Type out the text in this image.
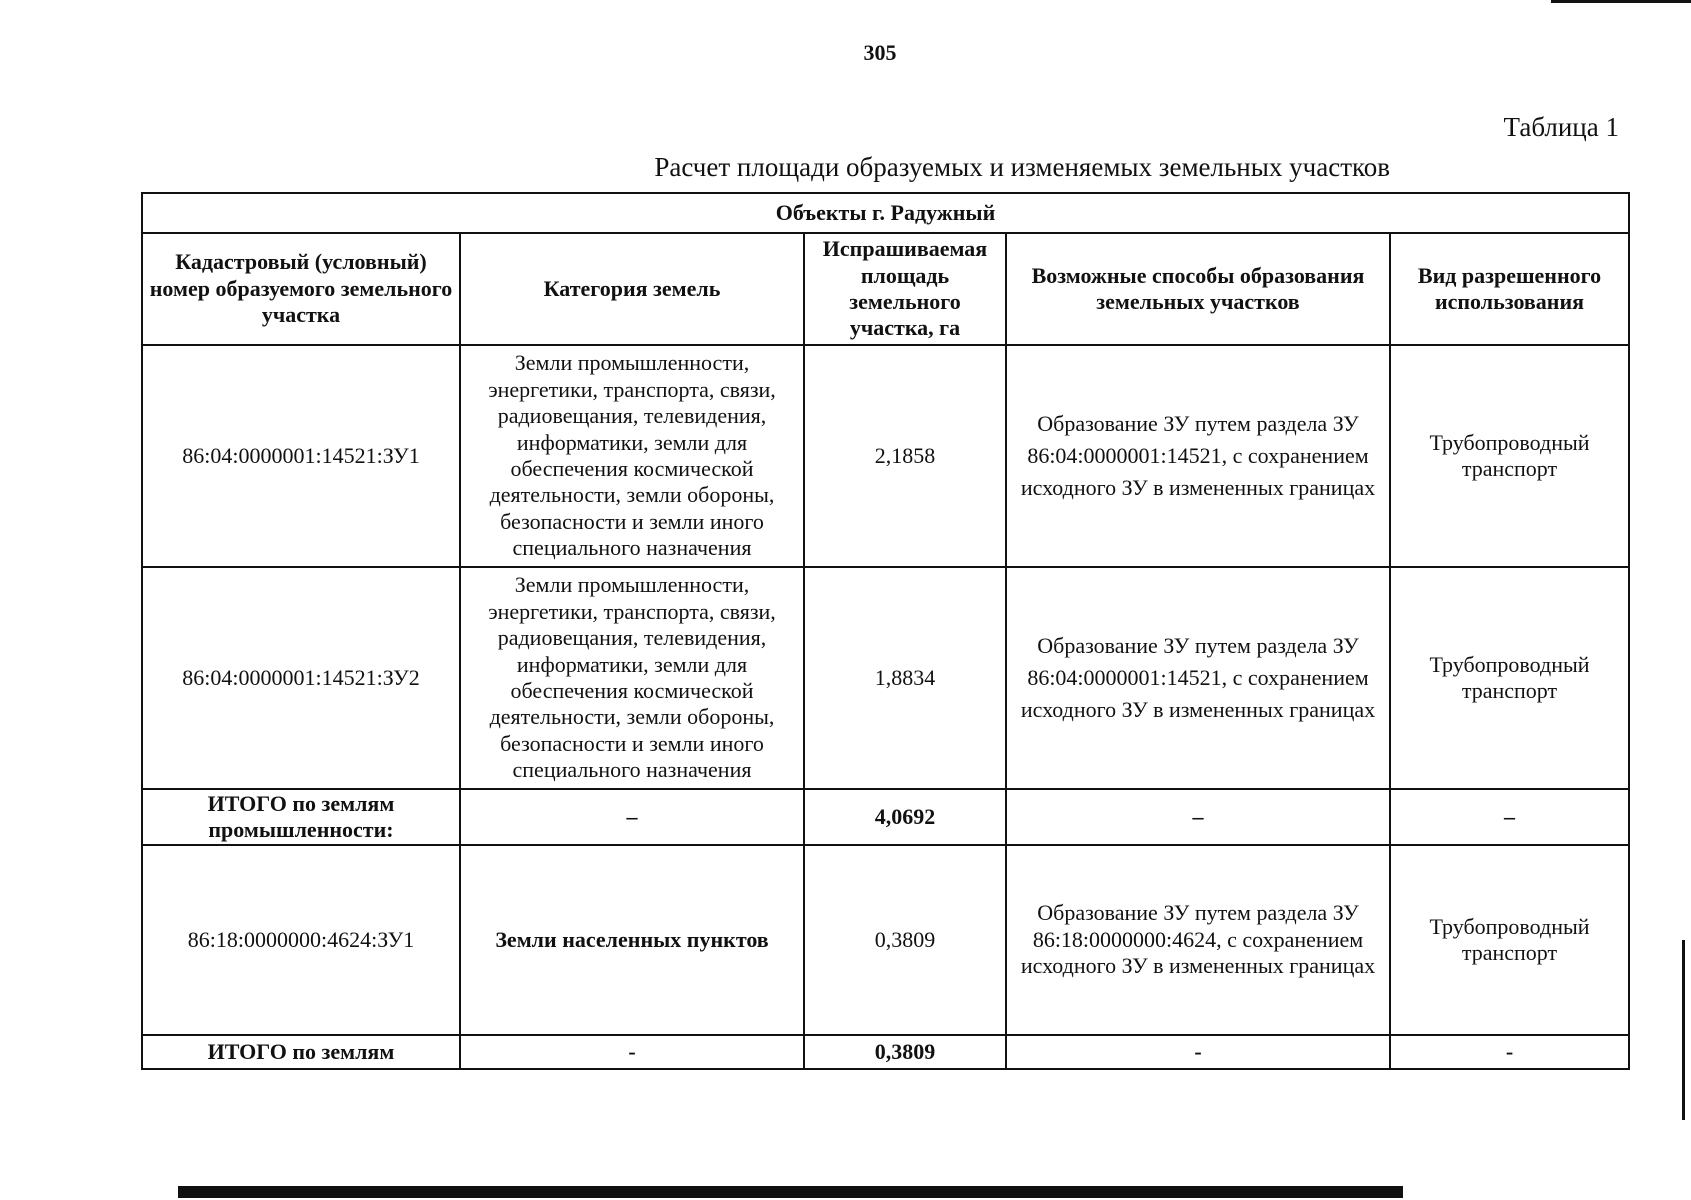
305
Таблица 1
Расчет площади образуемых и изменяемых земельных участков
Объекты г. Радужный				
Кадастровый (условный) номер образуемого земельного участка	Категория земель	Испрашиваемая площадь земельного участка, га	Возможные способы образования земельных участков	Вид разрешенного использования
86:04:0000001:14521:ЗУ1	Земли промышленности, энергетики, транспорта, связи, радиовещания, телевидения, информатики, земли для обеспечения космической деятельности, земли обороны, безопасности и земли иного специального назначения	2,1858	Образование ЗУ путем раздела ЗУ 86:04:0000001:14521, с сохранением исходного ЗУ в измененных границах	Трубопроводный транспорт
86:04:0000001:14521:ЗУ2	Земли промышленности, энергетики, транспорта, связи, радиовещания, телевидения, информатики, земли для обеспечения космической деятельности, земли обороны, безопасности и земли иного специального назначения	1,8834	Образование ЗУ путем раздела ЗУ 86:04:0000001:14521, с сохранением исходного ЗУ в измененных границах	Трубопроводный транспорт
ИТОГО по землям промышленности:	–	4,0692	–	–
86:18:0000000:4624:ЗУ1	Земли населенных пунктов	0,3809	Образование ЗУ путем раздела ЗУ 86:18:0000000:4624, с сохранением исходного ЗУ в измененных границах	Трубопроводный транспорт
ИТОГО по землям	-	0,3809	-	-
